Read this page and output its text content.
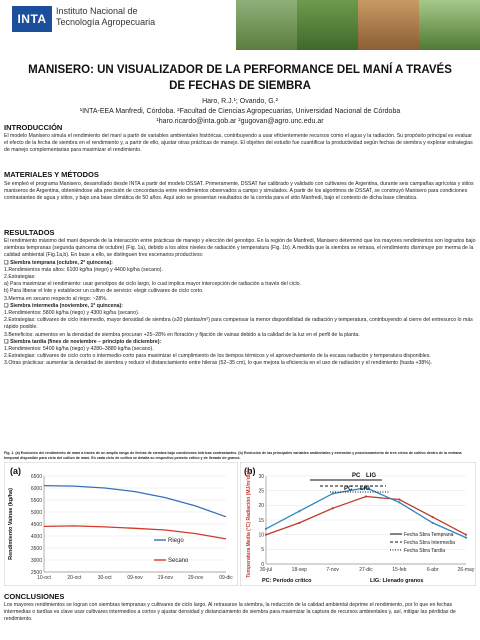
INTA
Instituto Nacional de
Tecnología Agropecuaria
MANISERO: UN VISUALIZADOR DE LA PERFORMANCE DEL MANÍ A TRAVÉS
DE FECHAS DE SIEMBRA
Haro, R.J.¹; Ovando, G.²
¹INTA-EEA Manfredi, Córdoba. ²Facultad de Ciencias Agropecuarias, Universidad Nacional de Córdoba
¹haro.ricardo@inta.gob.ar ²gugovan@agro.unc.edu.ar
INTRODUCCIÓN
El modelo Manisero simula el rendimiento del maní a partir de variables ambientales históricas, contribuyendo a usar eficientemente recursos como el agua y la radiación. Su propósito principal es evaluar el efecto de la fecha de siembra en el rendimiento y, a partir de ello, ajustar otras prácticas de manejo. El objetivo del estudio fue cuantificar la productividad según fechas de siembra y explorar estrategias de manejo complementarias para maximizar el rendimiento.
MATERIALES Y MÉTODOS
Se empleó el programa Manisero, desarrollado desde INTA a partir del modelo DSSAT. Primeramente, DSSAT fue calibrado y validado con cultivares de Argentina, durante seis campañas agrícolas y sitios maniseros de Argentina, obteniéndose alta precisión de concordancia entre rendimientos observados a campo y simulados. A partir de los algoritmos de DSSAT, se construyó Manisero para condiciones contrastantes de agua y sitios, y bajo una base climática de 50 años. Aquí solo se presentan resultados de la corrida para el sitio Manfredi, bajo el contexto de dicha base climática.
RESULTADOS
El rendimiento máximo del maní depende de la interacción entre prácticas de manejo y elección del genotipo. En la región de Manfredi, Manisero determinó que los mayores rendimientos son logrados bajo siembras tempranas (segunda quincena de octubre) (Fig. 1a), debido a los altos niveles de radiación y temperatura (Fig. 1b). A medida que la siembra se retrasa, el rendimiento disminuye por merma de la calidad ambiental (Fig.1a,b). En base a ello, se distinguen tres escenarios productivos:
❑ Siembra temprana (octubre, 2ª quincena):
1.Rendimientos más altos: 6100 kg/ha (riego) y 4400 kg/ha (secano).
2.Estrategias:
a) Para maximizar el rendimiento: usar genotipos de ciclo largo, lo cual implica mayor intercepción de radiación a través del ciclo.
b) Para liberar el lote y establecer un cultivo de servicio: elegir cultivares de ciclo corto.
3.Merma en secano respecto al riego: ~28%.
❑ Siembra intermedia (noviembre, 1ª quincena):
1.Rendimientos: 5800 kg/ha (riego) y 4300 kg/ha (secano).
2.Estrategias: cultivares de ciclo intermedio, mayor densidad de siembra (≥20 plantas/m²) para compensar la menor disponibilidad de radiación y temperatura, contribuyendo al cierre del entresurco lo más rápido posible.
3.Beneficios: aumentos en la densidad de siembra procuran +25–28% en floración y fijación de vainas debido a la calidad de la luz en el perfil de la planta.
❑ Siembra tardía (fines de noviembre – principio de diciembre):
1.Rendimientos: 5400 kg/ha (riego) y 4280–3880 kg/ha (secano).
2.Estrategias: cultivares de ciclo corto o intermedio-corto para maximizar el cumplimiento de los tiempos térmicos y el aprovechamiento de la escasa radiación y temperatura disponibles.
3.Otras prácticas: aumentar la densidad de siembra y reducir el distanciamiento entre hileras (52–35 cm), lo que mejora la eficiencia en el uso de radiación y el rendimiento (hasta +38%).
Fig. 1. (a) Evolución del rendimiento de maní a través de un amplio rango de fechas de siembra bajo condiciones hídricas contrastantes. (b) Evolución de las principales variables ambientales y extensión y posicionamiento de tres ciclos de cultivo dentro de la ventana temporal disponible para ciclo del cultivo de maní. En cada ciclo de cultivo se detalla su respectivo período crítico y de llenado de granos.
(a)
Rendimiento Vainas (kg/ha)
2500
3000
3500
4000
4500
5000
5500
6000
6500
10-oct	20-oct	30-oct	09-nov	19-nov	29-nov	09-dic
Riego
Secano
(b)
Temperatura Media (°C) Radiación (MJ/m²día) 0
5
10
15
20
25
30
30-jul	18-sep	7-nov	27-dic	15-feb	6-abr	26-may
PC LIG
PC LIG
Fecha Sbra Temprana
Fecha Sbra Intermedia
Fecha Sbra Tardía
PC: Período crítico	LIG: Llenado granos
CONCLUSIONES
Los mayores rendimientos se logran con siembras tempranas y cultivares de ciclo largo. Al retrasarse la siembra, la reducción de la calidad ambiental deprime el rendimiento, por lo que en fechas intermedias o tardías es clave usar cultivares intermedios a cortos y ajustar densidad y distanciamiento de siembra para maximizar la captura de recursos ambientales y, así, mitigar las pérdidas de rendimiento.
